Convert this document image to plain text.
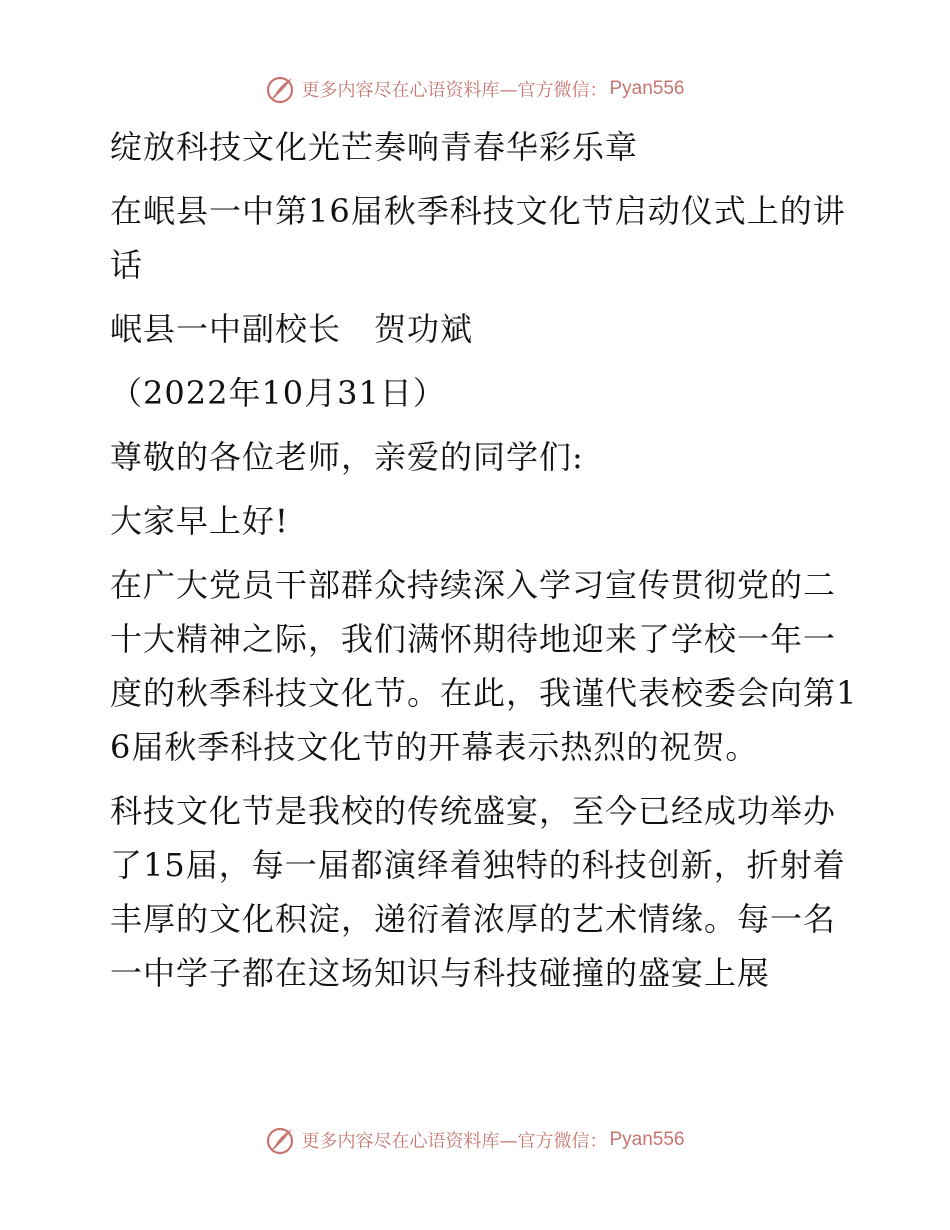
更多内容尽在心语资料库—官方微信： Pyan556

绽放科技文化光芒奏响青春华彩乐章

在岷县一中第16届秋季科技文化节启动仪式上的讲话

岷县一中副校长　贺功斌

（2022年10月31日）

尊敬的各位老师，亲爱的同学们:

大家早上好!

在广大党员干部群众持续深入学习宣传贯彻党的二十大精神之际，我们满怀期待地迎来了学校一年一度的秋季科技文化节。在此，我谨代表校委会向第16届秋季科技文化节的开幕表示热烈的祝贺。

科技文化节是我校的传统盛宴，至今已经成功举办了15届，每一届都演绎着独特的科技创新，折射着丰厚的文化积淀，递衍着浓厚的艺术情缘。每一名一中学子都在这场知识与科技碰撞的盛宴上展

更多内容尽在心语资料库—官方微信： Pyan556
